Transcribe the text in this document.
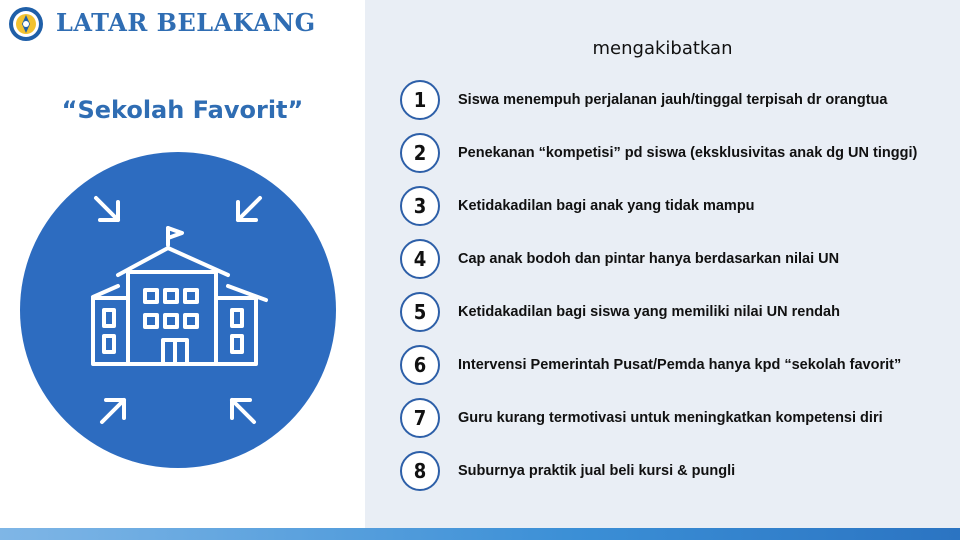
LATAR BELAKANG
“Sekolah Favorit”
mengakibatkan
1	Siswa menempuh perjalanan jauh/tinggal terpisah dr orangtua
2	Penekanan “kompetisi” pd siswa (eksklusivitas anak dg UN tinggi)
3	Ketidakadilan bagi anak yang tidak mampu
4	Cap anak bodoh dan pintar hanya berdasarkan nilai UN
5	Ketidakadilan bagi siswa yang memiliki nilai UN rendah
6	Intervensi Pemerintah Pusat/Pemda hanya kpd “sekolah favorit”
7	Guru kurang termotivasi untuk meningkatkan kompetensi diri
8	Suburnya praktik jual beli kursi & pungli
